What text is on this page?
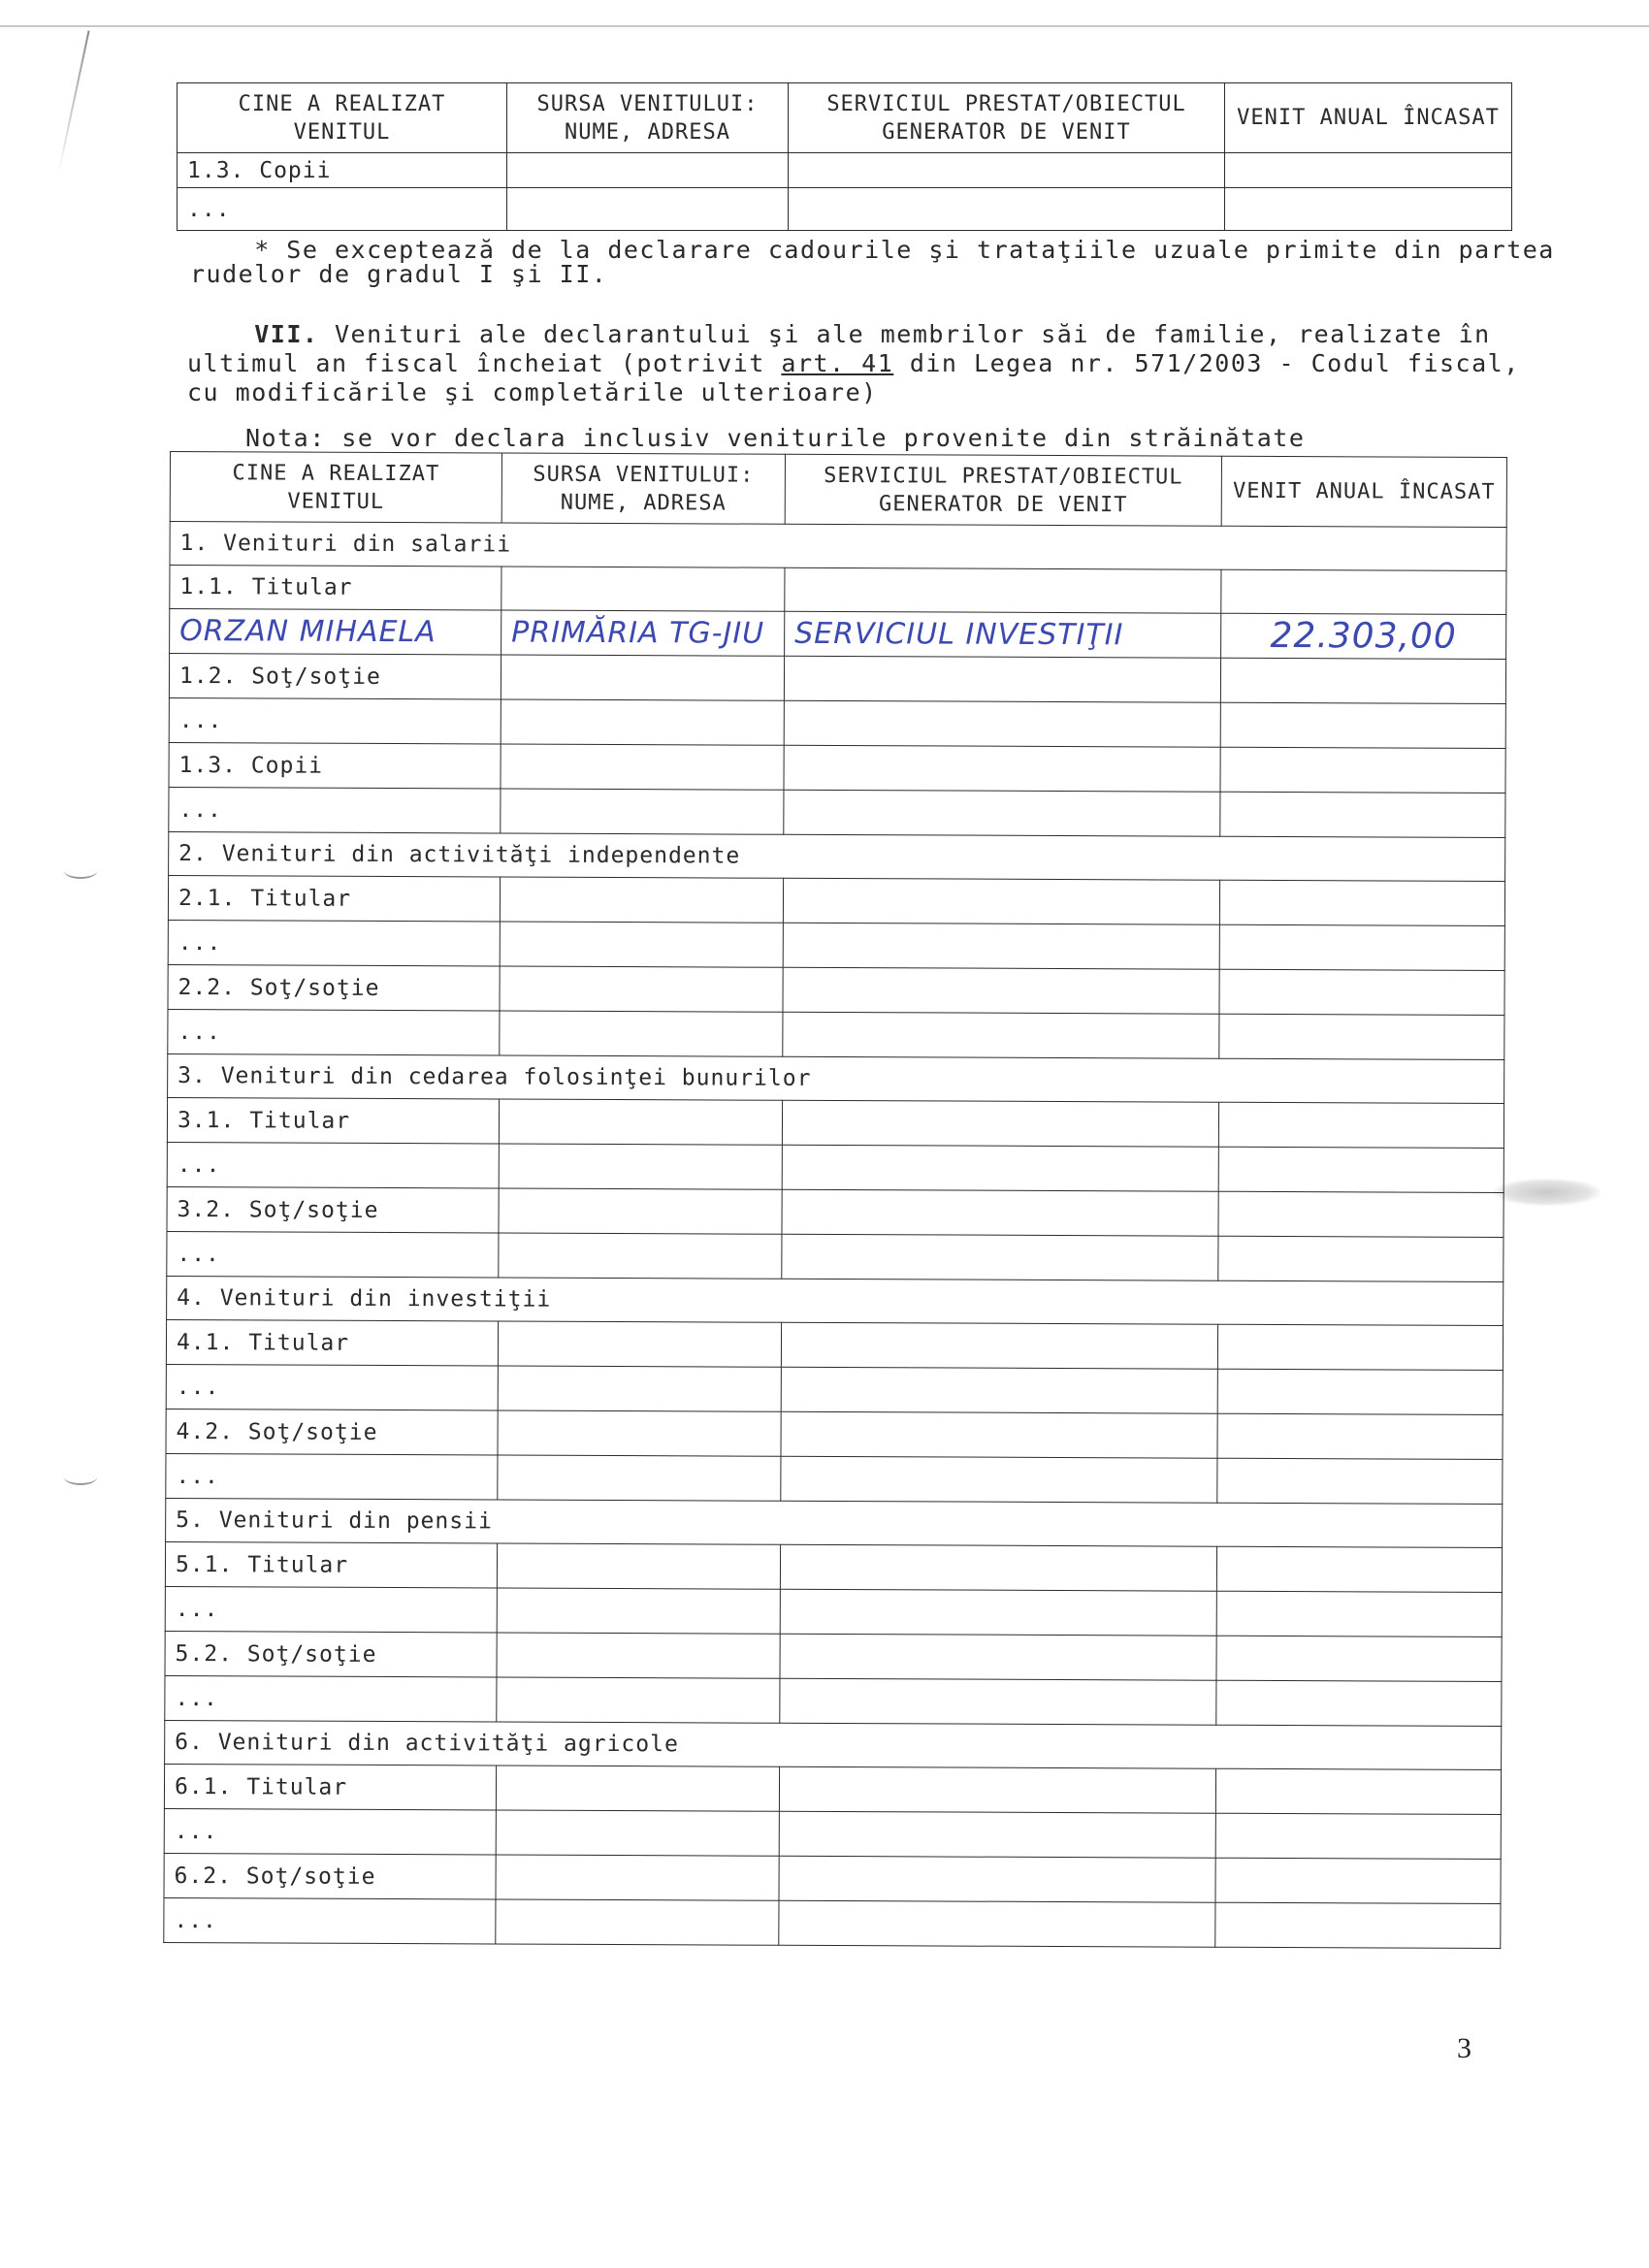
CINE A REALIZAT VENITUL	SURSA VENITULUI: NUME, ADRESA	SERVICIUL PRESTAT/OBIECTUL GENERATOR DE VENIT	VENIT ANUAL ÎNCASAT
1.3. Copii			
...			
* Se exceptează de la declarare cadourile şi trataţiile uzuale primite din partea
rudelor de gradul I şi II.
VII. Venituri ale declarantului şi ale membrilor săi de familie, realizate în
ultimul an fiscal încheiat (potrivit art. 41 din Legea nr. 571/2003 - Codul fiscal,
cu modificările şi completările ulterioare)
Nota: se vor declara inclusiv veniturile provenite din străinătate
CINE A REALIZAT VENITUL	SURSA VENITULUI: NUME, ADRESA	SERVICIUL PRESTAT/OBIECTUL GENERATOR DE VENIT	VENIT ANUAL ÎNCASAT
1. Venituri din salarii			
1.1. Titular			
ORZAN MIHAELA	PRIMĂRIA TG-JIU	SERVICIUL INVESTIŢII	22.303,00
1.2. Soţ/soţie			
...			
1.3. Copii			
...			
2. Venituri din activităţi independente			
2.1. Titular			
...			
2.2. Soţ/soţie			
...			
3. Venituri din cedarea folosinţei bunurilor			
3.1. Titular			
...			
3.2. Soţ/soţie			
...			
4. Venituri din investiţii			
4.1. Titular			
...			
4.2. Soţ/soţie			
...			
5. Venituri din pensii			
5.1. Titular			
...			
5.2. Soţ/soţie			
...			
6. Venituri din activităţi agricole			
6.1. Titular			
...			
6.2. Soţ/soţie			
...			
3
